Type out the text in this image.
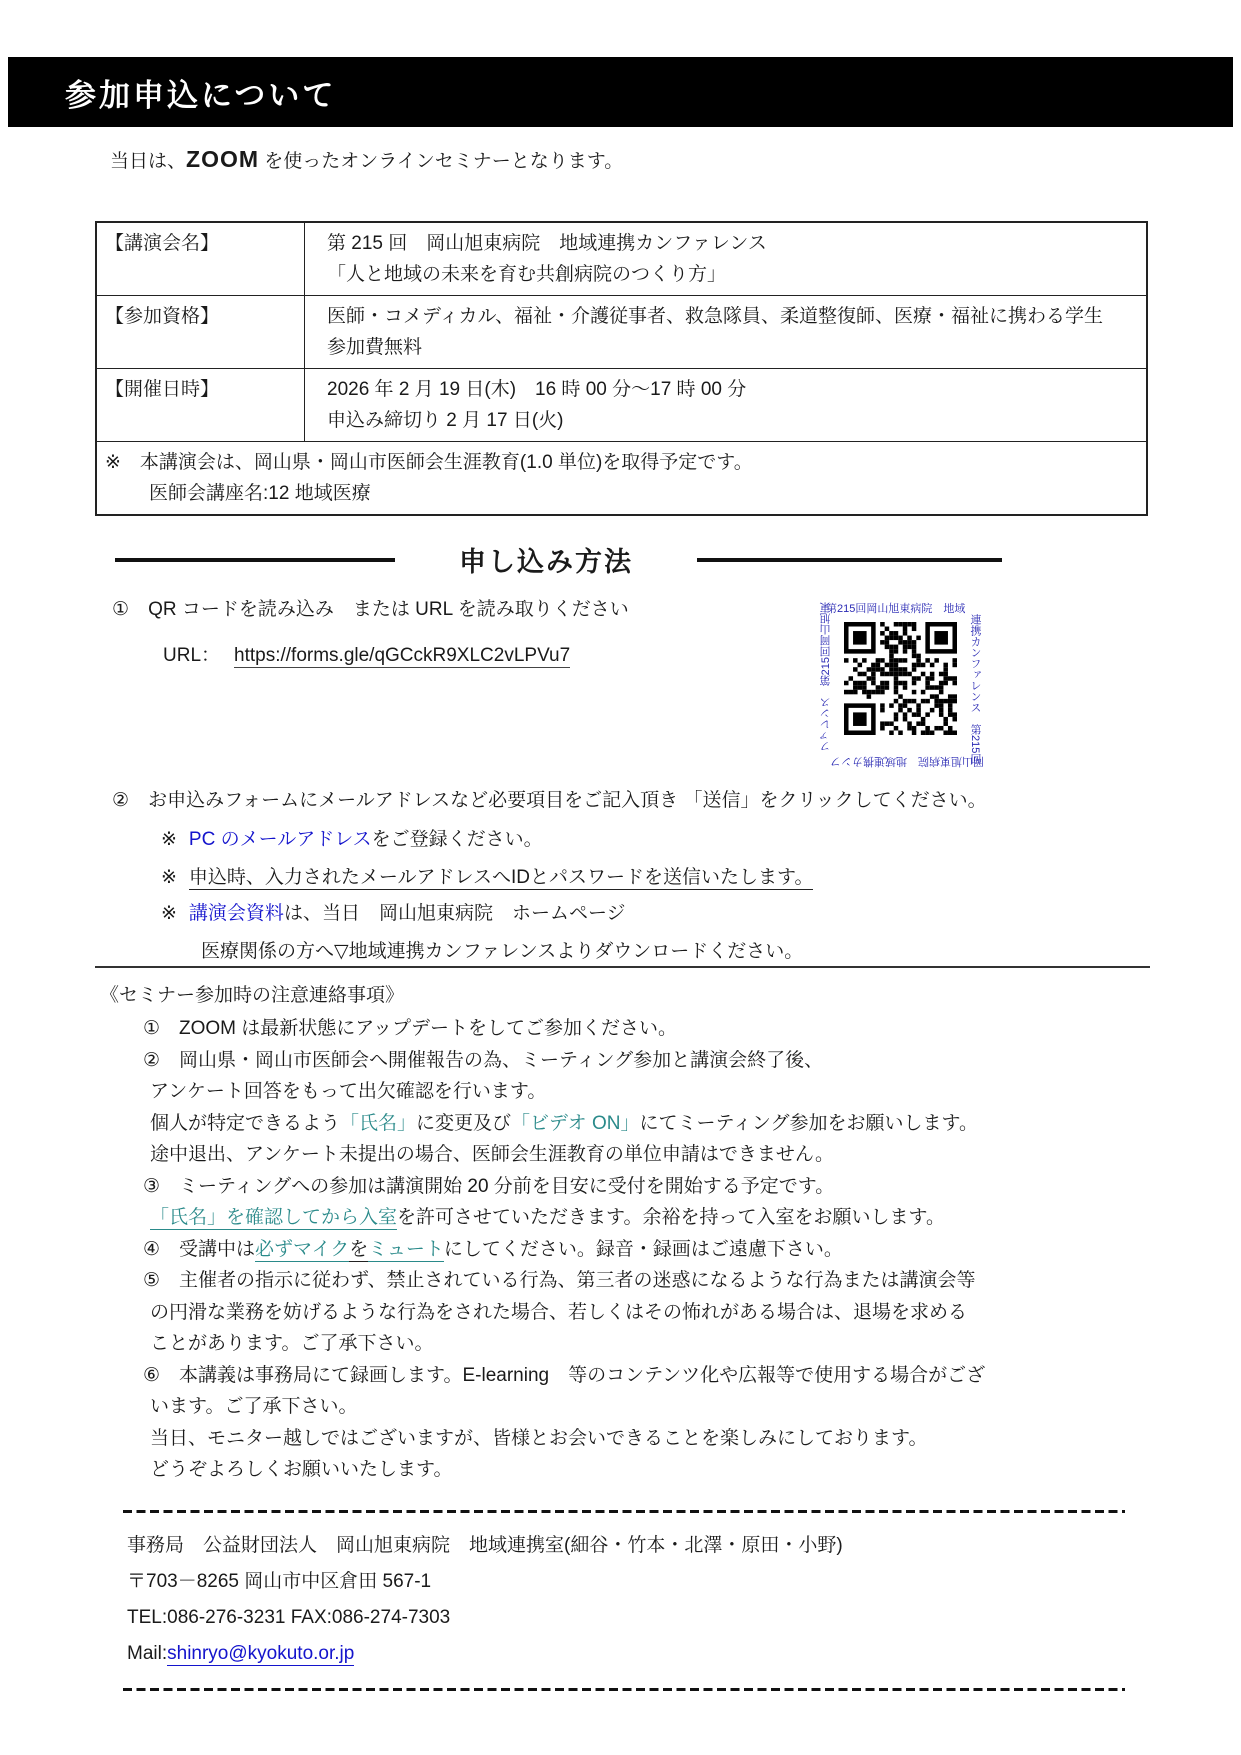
参加申込について
当日は、ZOOM を使ったオンラインセミナーとなります。
【講演会名】	第 215 回　岡山旭東病院　地域連携カンファレンス
「人と地域の未来を育む共創病院のつくり方」
【参加資格】	医師・コメディカル、福祉・介護従事者、救急隊員、柔道整復師、医療・福祉に携わる学生
参加費無料
【開催日時】	2026 年 2 月 19 日(木)　16 時 00 分～17 時 00 分
申込み締切り 2 月 17 日(火)
※　本講演会は、岡山県・岡山市医師会生涯教育(1.0 単位)を取得予定です。
医師会講座名:12 地域医療
申し込み方法
①　 QR コードを読み込み　または URL を読み取りください
URL： https://forms.gle/qGCckR9XLC2vLPVu7
第215回岡山旭東病院　地域
連携カンファレンス　第215回
ファレンス　第215回岡山旭東
岡山旭東病院　地域連携カンフ
②　 お申込みフォームにメールアドレスなど必要項目をご記入頂き 「送信」をクリックしてください。
※ PC のメールアドレスをご登録ください。
※ 申込時、入力されたメールアドレスへIDとパスワードを送信いたします。
※ 講演会資料は、当日　岡山旭東病院　ホームページ
医療関係の方へ▽地域連携カンファレンスよりダウンロードください。
《セミナー参加時の注意連絡事項》
① ZOOM は最新状態にアップデートをしてご参加ください。
② 岡山県・岡山市医師会へ開催報告の為、ミーティング参加と講演会終了後、
アンケート回答をもって出欠確認を行います。
個人が特定できるよう「氏名」に変更及び「ビデオ ON」にてミーティング参加をお願いします。
途中退出、アンケート未提出の場合、医師会生涯教育の単位申請はできません。
③ ミーティングへの参加は講演開始 20 分前を目安に受付を開始する予定です。
「氏名」を確認してから入室を許可させていただきます。余裕を持って入室をお願いします。
④ 受講中は必ずマイクをミュートにしてください。録音・録画はご遠慮下さい。
⑤ 主催者の指示に従わず、禁止されている行為、第三者の迷惑になるような行為または講演会等
の円滑な業務を妨げるような行為をされた場合、若しくはその怖れがある場合は、退場を求める
ことがあります。ご了承下さい。
⑥ 本講義は事務局にて録画します。E-learning　等のコンテンツ化や広報等で使用する場合がござ
います。ご了承下さい。
当日、モニター越しではございますが、皆様とお会いできることを楽しみにしております。
どうぞよろしくお願いいたします。
事務局　公益財団法人　岡山旭東病院　地域連携室(細谷・竹本・北澤・原田・小野)
〒703－8265 岡山市中区倉田 567-1
TEL:086-276-3231 FAX:086-274-7303
Mail:shinryo@kyokuto.or.jp
